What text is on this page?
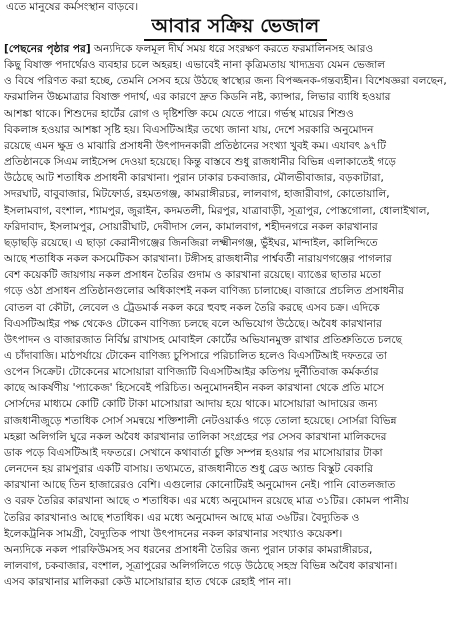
এতে মানুষের কর্মসংস্থান বাড়বে।

আবার সক্রিয় ভেজাল
[পেছনের পৃষ্ঠার পর] অন্যদিকে ফলমূল দীর্ঘ সময় ধরে সংরক্ষণ করতে ফরমালিনসহ আরও
কিছু বিষাক্ত পদার্থেরও ব্যবহার চলে অহরহ। এভাবেই নানা কৃত্রিমতায় খাদ্যদ্রব্য যেমন ভেজাল
ও বিষে পরিণত করা হচ্ছে, তেমনি সেসব হয়ে উঠছে স্বাস্থ্যের জন্য বিপজ্জনক-গন্তব্যহীন। বিশেষজ্ঞরা বলছেন,
ফরমালিন উচ্চমাত্রার বিষাক্ত পদার্থ, এর কারণে দ্রুত কিডনি নষ্ট, ক্যান্সার, লিভার ব্যাধি হওয়ার
আশঙ্কা থাকে। শিশুদের হার্টের রোগ ও দৃষ্টিশক্তি কমে যেতে পারে। গর্ভস্থ মায়ের শিশুও
বিকলাঙ্গ হওয়ার আশঙ্কা সৃষ্টি হয়। বিএসটিআইর তথ্যে জানা যায়, দেশে সরকারি অনুমোদন
রয়েছে এমন ক্ষুদ্র ও মাঝারি প্রসাধনী উৎপাদনকারী প্রতিষ্ঠানের সংখ্যা খুবই কম। এযাবৎ ৯৭টি
প্রতিষ্ঠানকে সিএম লাইসেন্স দেওয়া হয়েছে। কিন্তু বাস্তবে শুধু রাজধানীর বিভিন্ন এলাকাতেই গড়ে
উঠেছে আট শতাধিক প্রসাধনী কারখানা। পুরান ঢাকার চকবাজার, মৌলভীবাজার, বড়কাটারা,
সদরঘাট, বাবুবাজার, মিটফোর্ড, রহমতগঞ্জ, কামরাঙ্গীরচর, লালবাগ, হাজারীবাগ, কোতোয়ালি,
ইসলামবাগ, বংশাল, শ্যামপুর, জুরাইন, কদমতলী, মিরপুর, যাত্রাবাড়ী, সূত্রাপুর, পোস্তগোলা, ধোলাইখাল,
ফরিদাবাদ, ইসলামপুর, সোয়ারীঘাট, দেবীদাস লেন, কামালবাগ, শহীদনগরে নকল কারখানার
ছড়াছড়ি রয়েছে। এ ছাড়া কেরানীগঞ্জের জিনজিরা লক্ষ্মীনগঞ্জ, ভুঁইঘর, মান্দাইল, কালিন্দিতে
আছে শতাধিক নকল কসমেটিকস কারখানা। টঙ্গীসহ রাজধানীর পার্শ্ববর্তী নারায়ণগঞ্জের পাগলার
বেশ কয়েকটি জায়গায় নকল প্রসাধন তৈরির গুদাম ও কারখানা রয়েছে। ব্যাঙের ছাতার মতো
গড়ে ওঠা প্রসাধন প্রতিষ্ঠানগুলোর অধিকাংশই নকল বাণিজ্য চালাচ্ছে। বাজারে প্রচলিত প্রসাধনীর
বোতল বা কৌটা, লেবেল ও ট্রেডমার্ক নকল করে হুবহু নকল তৈরি করছে এসব চক্র। এদিকে
বিএসটিআইর পক্ষ থেকেও টোকেন বাণিজ্য চলছে বলে অভিযোগ উঠেছে। অবৈধ কারখানার
উৎপাদন ও বাজারজাত নির্বিঘ্ন রাখাসহ মোবাইল কোর্টের অভিযানমুক্ত রাখার প্রতিশ্রুতিতে চলছে
এ চাঁদাবাজি। মাঠপর্যায়ে টোকেন বাণিজ্য চুপিসারে পরিচালিত হলেও বিএসটিআই দফতরে তা
ওপেন সিক্রেট। টোকেনের মাসোয়ারা বাণিজ্যটি বিএসটিআইর কতিপয় দুর্নীতিবাজ কর্মকর্তার
কাছে আকর্ষণীয় 'প্যাকেজ' হিসেবেই পরিচিত। অনুমোদনহীন নকল কারখানা থেকে প্রতি মাসে
সোর্সদের মাধ্যমে কোটি কোটি টাকা মাসোয়ারা আদায় হয়ে থাকে। মাসোয়ারা আদায়ের জন্য
রাজধানীজুড়ে শতাধিক সোর্স সমন্বয়ে শক্তিশালী নেটওয়ার্কও গড়ে তোলা হয়েছে। সোর্সরা বিভিন্ন
মহল্লা অলিগলি ঘুরে নকল অবৈধ কারখানার তালিকা সংগ্রহের পর সেসব কারখানা মালিকদের
ডাক পড়ে বিএসটিআই দফতরে। সেখানে কথাবার্তা চুক্তি সম্পন্ন হওয়ার পর মাসোয়ারার টাকা
লেনদেন হয় রামপুরার একটি বাসায়। তথ্যমতে, রাজধানীতে শুধু ব্রেড অ্যান্ড বিস্কুট বেকারি
কারখানা আছে তিন হাজারেরও বেশি। এগুলোর কোনোটিরই অনুমোদন নেই। পানি বোতলজাত
ও বরফ তৈরির কারখানা আছে ৩ শতাধিক। এর মধ্যে অনুমোদন রয়েছে মাত্র ৩১টির। কোমল পানীয়
তৈরির কারখানাও আছে শতাধিক। এর মধ্যে অনুমোদন আছে মাত্র ৩৬টির। বৈদ্যুতিক ও
ইলেকট্রনিক সামগ্রী, বৈদ্যুতিক পাখা উৎপাদনের নকল কারখানার সংখ্যাও কয়েকশ।
অন্যদিকে নকল পারফিউমসহ সব ধরনের প্রসাধনী তৈরির জন্য পুরান ঢাকার কামরাঙ্গীরচর,
লালবাগ, চকবাজার, বংশাল, সূত্রাপুরের অলিগলিতে গড়ে উঠেছে সহস্র বিভিন্ন অবৈধ কারখানা।
এসব কারখানার মালিকরা কেউ মাসোয়ারার হাত থেকে রেহাই পান না।
